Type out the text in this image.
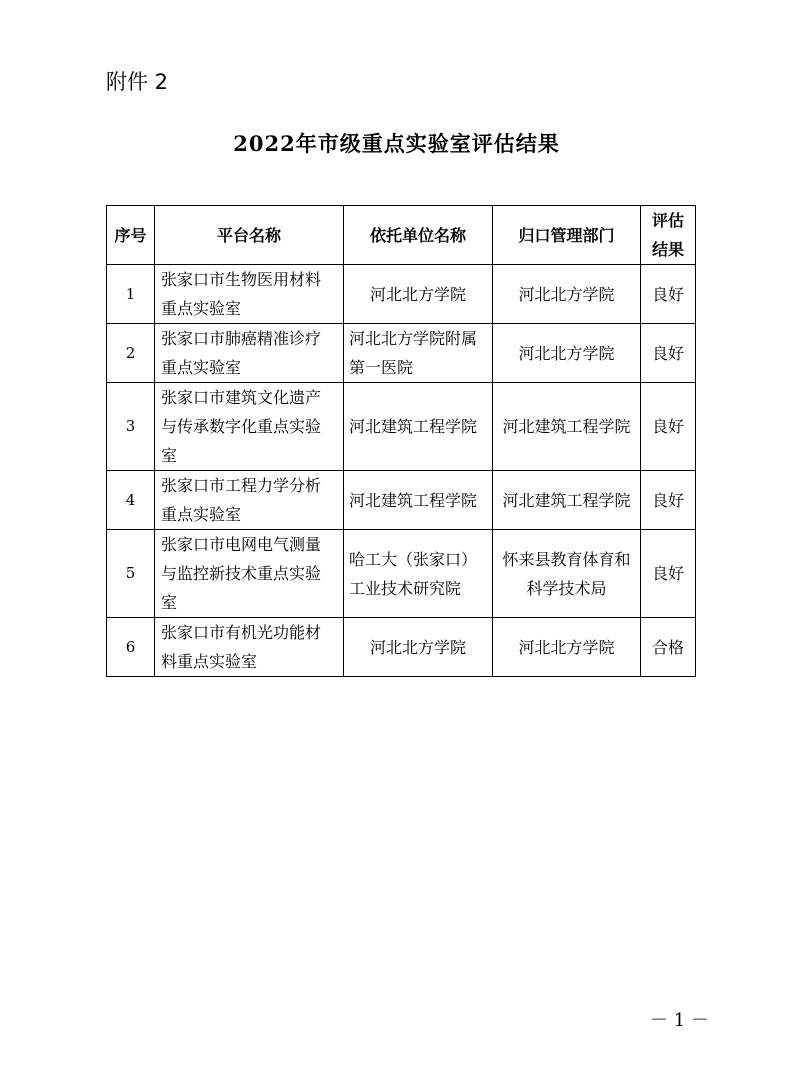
附件 2
2022年市级重点实验室评估结果
序号	平台名称	依托单位名称	归口管理部门	评估结果
1	张家口市生物医用材料重点实验室	河北北方学院	河北北方学院	良好
2	张家口市肺癌精准诊疗重点实验室	河北北方学院附属第一医院	河北北方学院	良好
3	张家口市建筑文化遗产与传承数字化重点实验室	河北建筑工程学院	河北建筑工程学院	良好
4	张家口市工程力学分析重点实验室	河北建筑工程学院	河北建筑工程学院	良好
5	张家口市电网电气测量与监控新技术重点实验室	哈工大（张家口）工业技术研究院	怀来县教育体育和科学技术局	良好
6	张家口市有机光功能材料重点实验室	河北北方学院	河北北方学院	合格
－ 1 －
